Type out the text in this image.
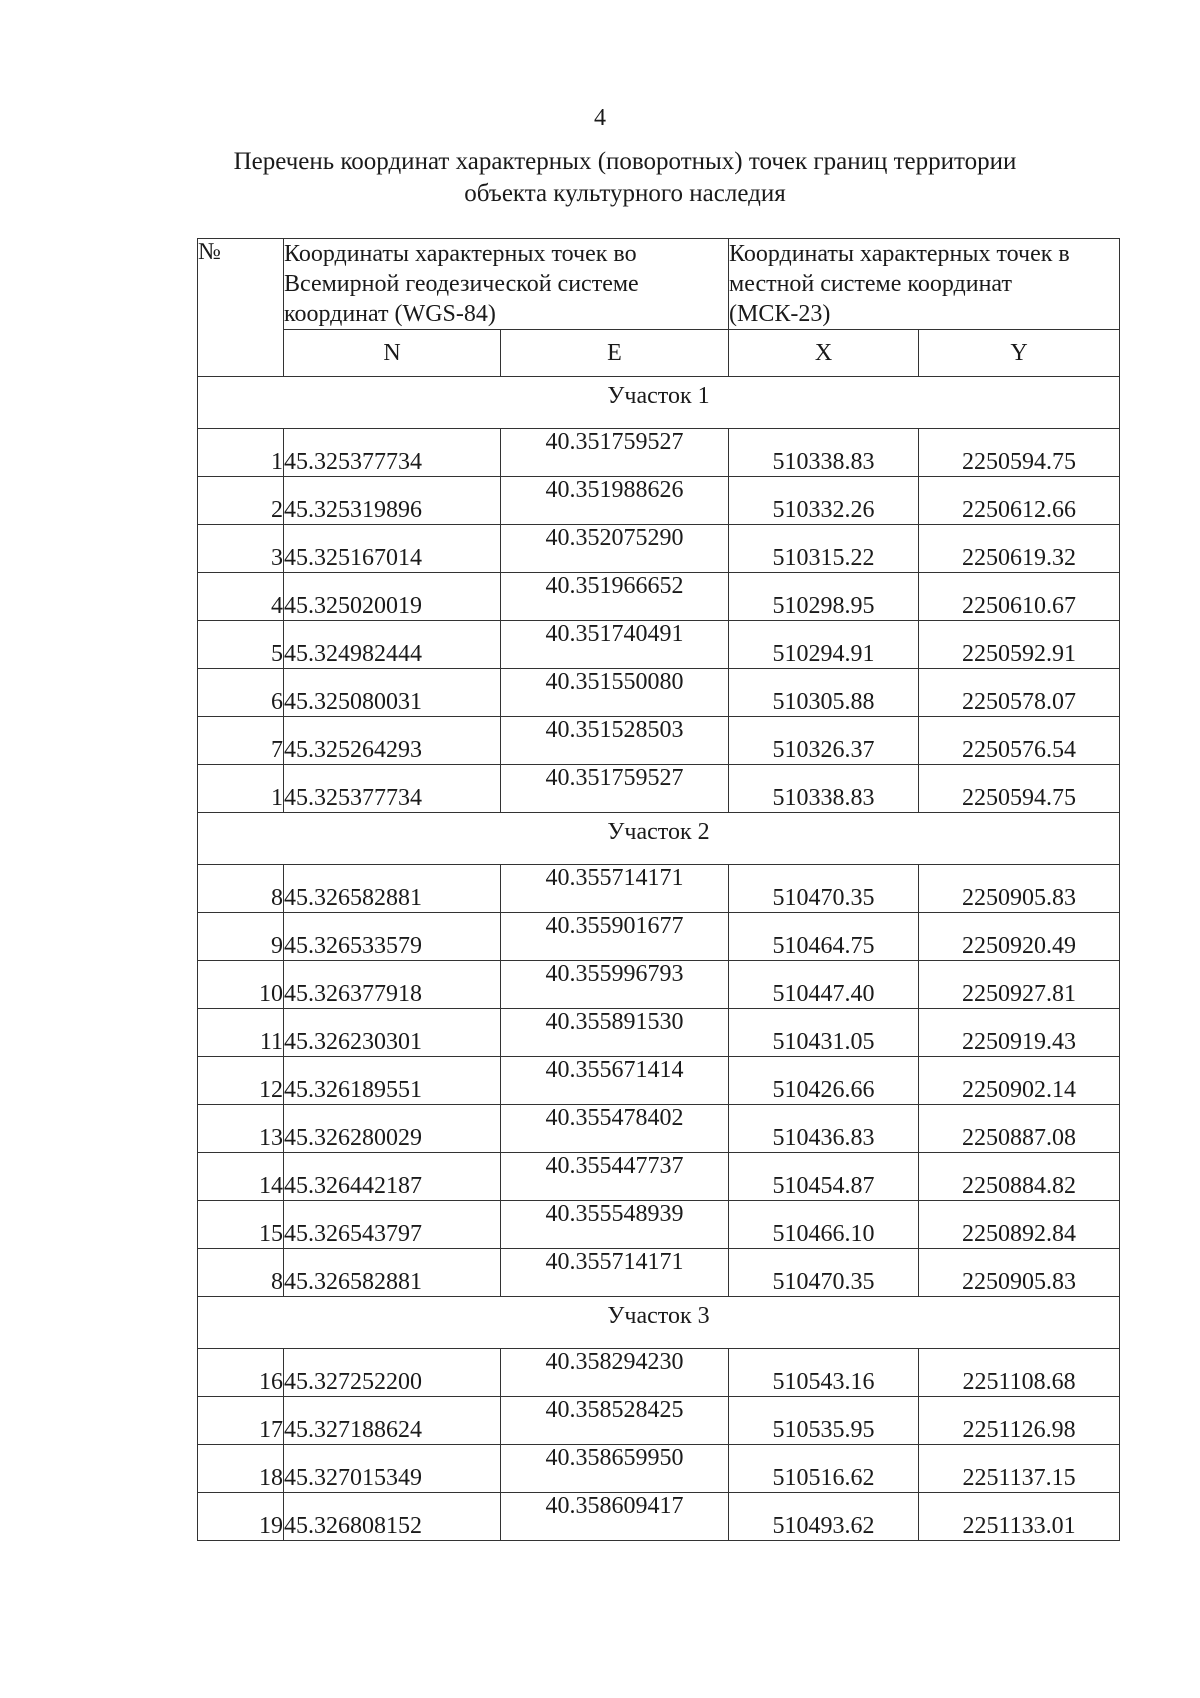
4
Перечень координат характерных (поворотных) точек границ территории
объекта культурного наследия
№	Координаты характерных точек во Всемирной геодезической системе координат (WGS-84)		Координаты характерных точек в местной системе координат (МСК-23)	
	N	E	X	Y
Участок 1				
1	45.325377734	40.351759527	510338.83	2250594.75
2	45.325319896	40.351988626	510332.26	2250612.66
3	45.325167014	40.352075290	510315.22	2250619.32
4	45.325020019	40.351966652	510298.95	2250610.67
5	45.324982444	40.351740491	510294.91	2250592.91
6	45.325080031	40.351550080	510305.88	2250578.07
7	45.325264293	40.351528503	510326.37	2250576.54
1	45.325377734	40.351759527	510338.83	2250594.75
Участок 2				
8	45.326582881	40.355714171	510470.35	2250905.83
9	45.326533579	40.355901677	510464.75	2250920.49
10	45.326377918	40.355996793	510447.40	2250927.81
11	45.326230301	40.355891530	510431.05	2250919.43
12	45.326189551	40.355671414	510426.66	2250902.14
13	45.326280029	40.355478402	510436.83	2250887.08
14	45.326442187	40.355447737	510454.87	2250884.82
15	45.326543797	40.355548939	510466.10	2250892.84
8	45.326582881	40.355714171	510470.35	2250905.83
Участок 3				
16	45.327252200	40.358294230	510543.16	2251108.68
17	45.327188624	40.358528425	510535.95	2251126.98
18	45.327015349	40.358659950	510516.62	2251137.15
19	45.326808152	40.358609417	510493.62	2251133.01
